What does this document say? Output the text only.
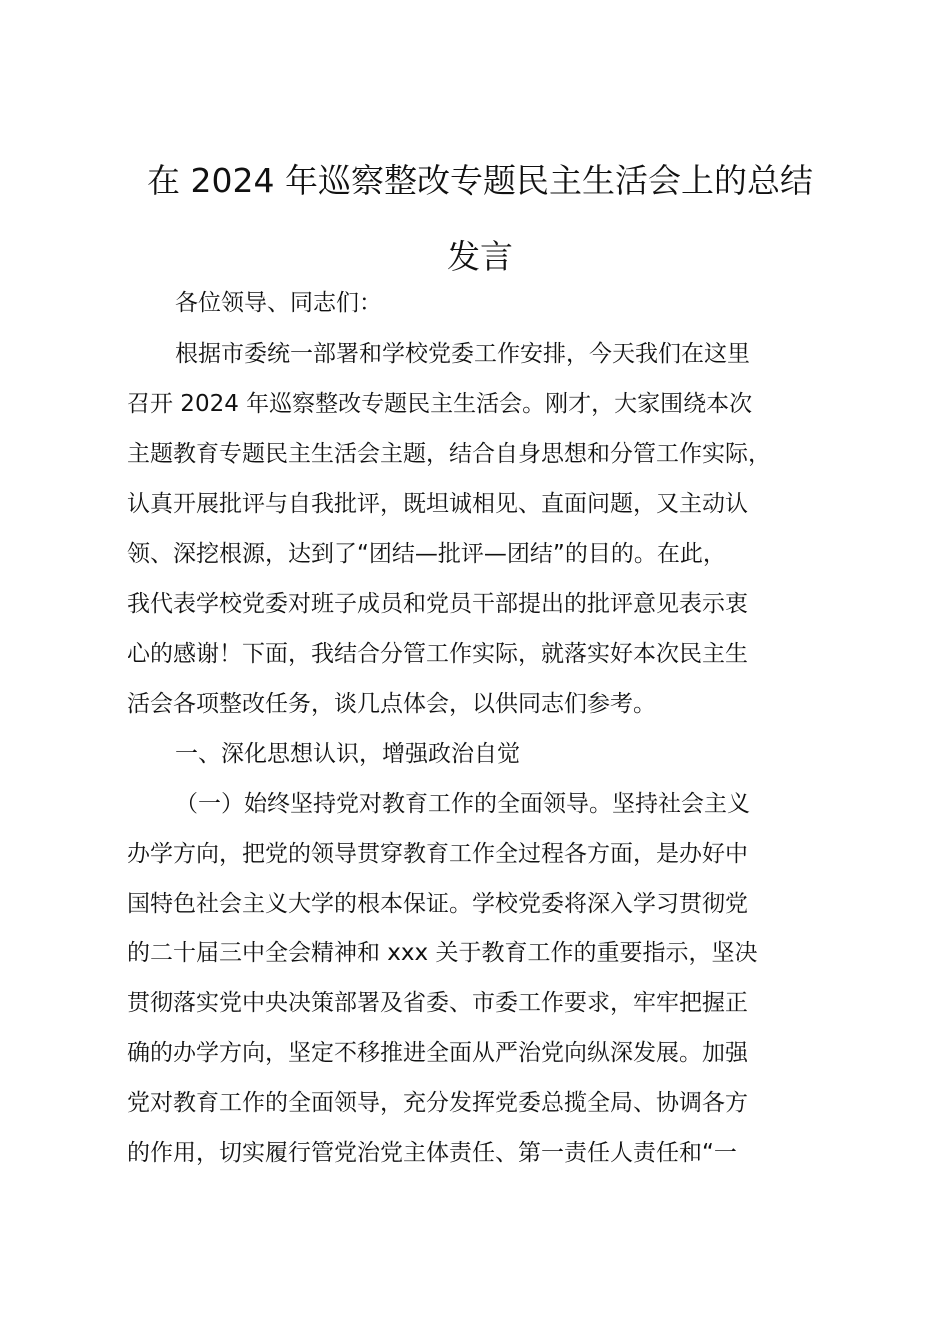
在 2024 年巡察整改专题民主生活会上的总结
发言

各位领导、同志们：

根据市委统一部署和学校党委工作安排，今天我们在这里

召开 2024 年巡察整改专题民主生活会。刚才，大家围绕本次

主题教育专题民主生活会主题，结合自身思想和分管工作实际，

认真开展批评与自我批评，既坦诚相见、直面问题，又主动认

领、深挖根源，达到了“团结—批评—团结”的目的。在此，

我代表学校党委对班子成员和党员干部提出的批评意见表示衷

心的感谢！下面，我结合分管工作实际，就落实好本次民主生

活会各项整改任务，谈几点体会，以供同志们参考。

一、深化思想认识，增强政治自觉

（一）始终坚持党对教育工作的全面领导。坚持社会主义

办学方向，把党的领导贯穿教育工作全过程各方面，是办好中

国特色社会主义大学的根本保证。学校党委将深入学习贯彻党

的二十届三中全会精神和 xxx 关于教育工作的重要指示，坚决

贯彻落实党中央决策部署及省委、市委工作要求，牢牢把握正

确的办学方向，坚定不移推进全面从严治党向纵深发展。加强

党对教育工作的全面领导，充分发挥党委总揽全局、协调各方

的作用，切实履行管党治党主体责任、第一责任人责任和“一
